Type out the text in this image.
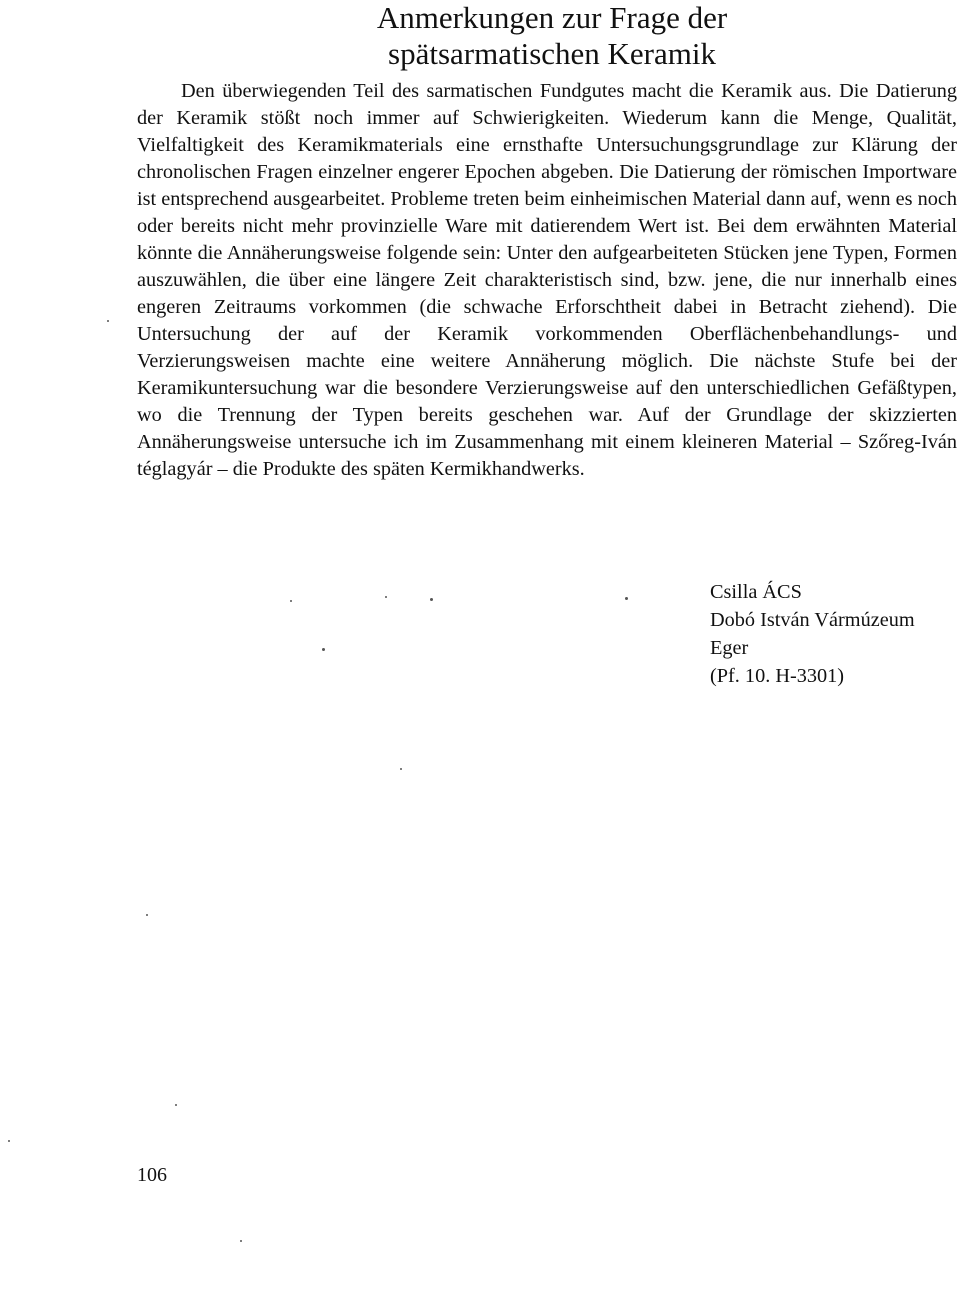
Anmerkungen zur Frage der
spätsarmatischen Keramik

Den überwiegenden Teil des sarmatischen Fundgutes macht die Keramik aus. Die Datierung der Keramik stößt noch immer auf Schwierigkeiten. Wiederum kann die Menge, Qualität, Vielfaltigkeit des Keramikmaterials eine ernsthafte Untersuchungsgrundlage zur Klärung der chronolischen Fragen einzelner engerer Epochen abgeben. Die Datierung der römischen Importware ist entsprechend ausgearbeitet. Probleme treten beim einheimischen Material dann auf, wenn es noch oder bereits nicht mehr provinzielle Ware mit datierendem Wert ist. Bei dem erwähnten Material könnte die Annäherungsweise folgende sein: Unter den aufgearbeiteten Stücken jene Typen, Formen auszuwählen, die über eine längere Zeit charakteristisch sind, bzw. jene, die nur innerhalb eines engeren Zeitraums vorkommen (die schwache Erforschtheit dabei in Betracht ziehend). Die Untersuchung der auf der Keramik vorkommenden Oberflächenbehandlungs- und Verzierungsweisen machte eine weitere Annäherung möglich. Die nächste Stufe bei der Keramikuntersuchung war die besondere Verzierungsweise auf den unterschiedlichen Gefäßtypen, wo die Trennung der Typen bereits geschehen war. Auf der Grundlage der skizzierten Annäherungsweise untersuche ich im Zusammenhang mit einem kleineren Material – Szőreg-Iván téglagyár – die Produkte des späten Kermikhandwerks.

Csilla ÁCS
Dobó István Vármúzeum
Eger
(Pf. 10. H-3301)
106
